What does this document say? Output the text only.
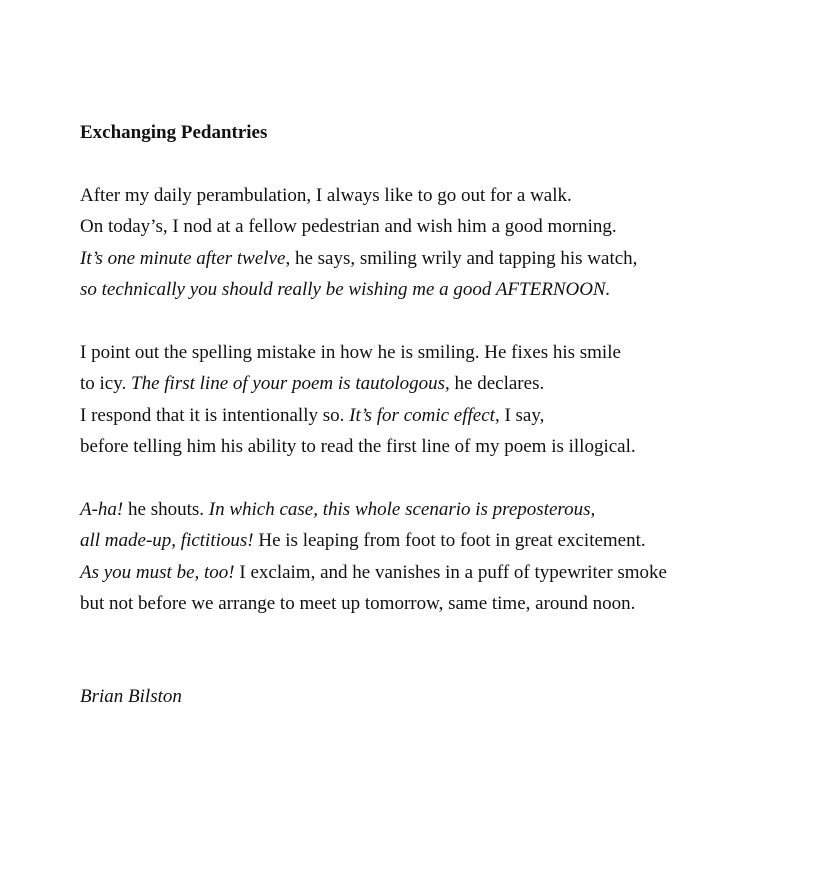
Exchanging Pedantries
After my daily perambulation, I always like to go out for a walk.
On today’s, I nod at a fellow pedestrian and wish him a good morning.
It’s one minute after twelve, he says, smiling wrily and tapping his watch,
so technically you should really be wishing me a good AFTERNOON.
I point out the spelling mistake in how he is smiling. He fixes his smile
to icy. The first line of your poem is tautologous, he declares.
I respond that it is intentionally so. It’s for comic effect, I say,
before telling him his ability to read the first line of my poem is illogical.
A-ha! he shouts. In which case, this whole scenario is preposterous,
all made-up, fictitious! He is leaping from foot to foot in great excitement.
As you must be, too! I exclaim, and he vanishes in a puff of typewriter smoke
but not before we arrange to meet up tomorrow, same time, around noon.
Brian Bilston
